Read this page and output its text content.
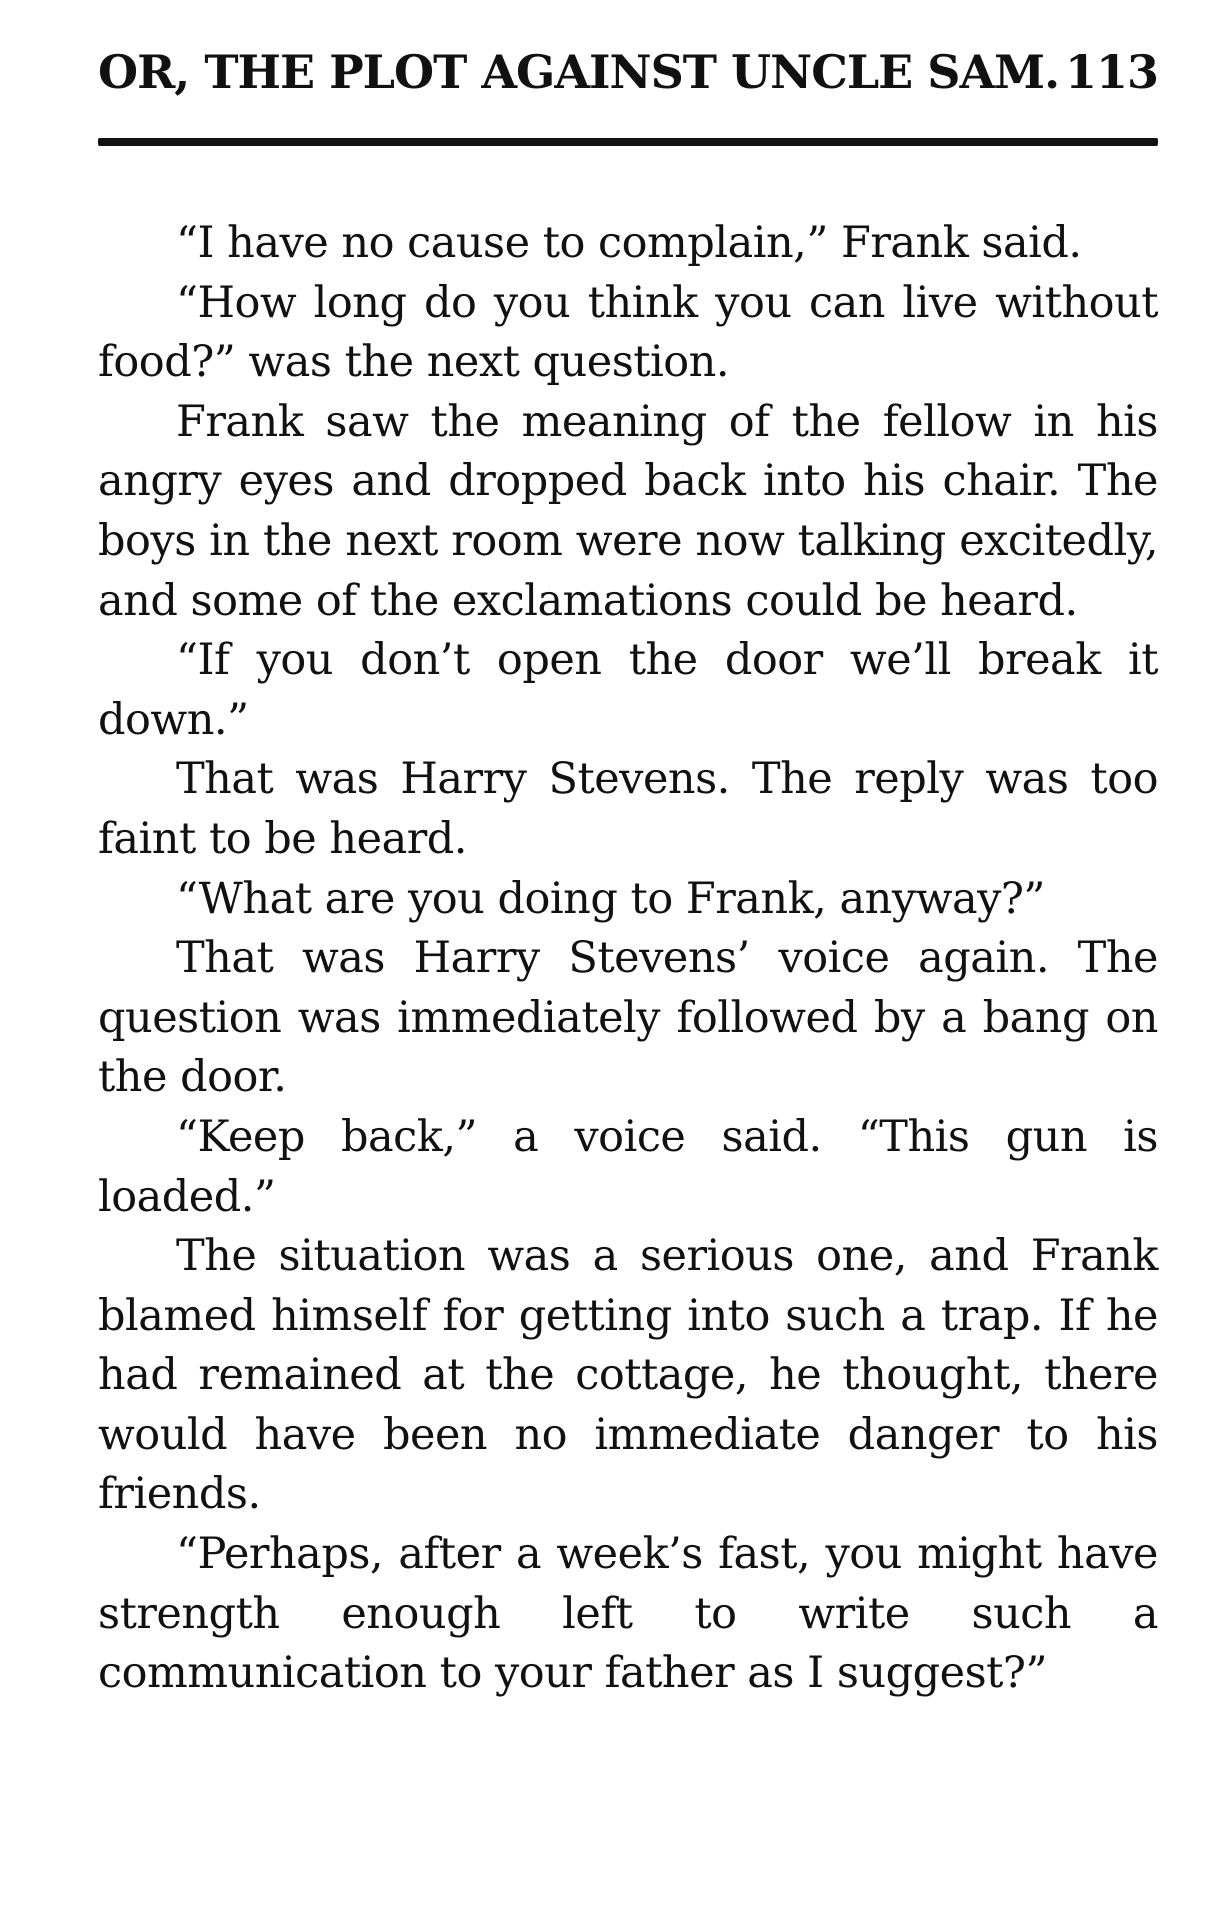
OR, THE PLOT AGAINST UNCLE SAM. 113

“I have no cause to complain,” Frank said.

“How long do you think you can live without food?” was the next question.

Frank saw the meaning of the fellow in his angry eyes and dropped back into his chair. The boys in the next room were now talking excitedly, and some of the exclamations could be heard.

“If you don’t open the door we’ll break it down.”

That was Harry Stevens. The reply was too faint to be heard.

“What are you doing to Frank, anyway?”

That was Harry Stevens’ voice again. The question was immediately followed by a bang on the door.

“Keep back,” a voice said. “This gun is loaded.”

The situation was a serious one, and Frank blamed himself for getting into such a trap. If he had remained at the cottage, he thought, there would have been no immediate danger to his friends.

“Perhaps, after a week’s fast, you might have strength enough left to write such a communication to your father as I suggest?”
